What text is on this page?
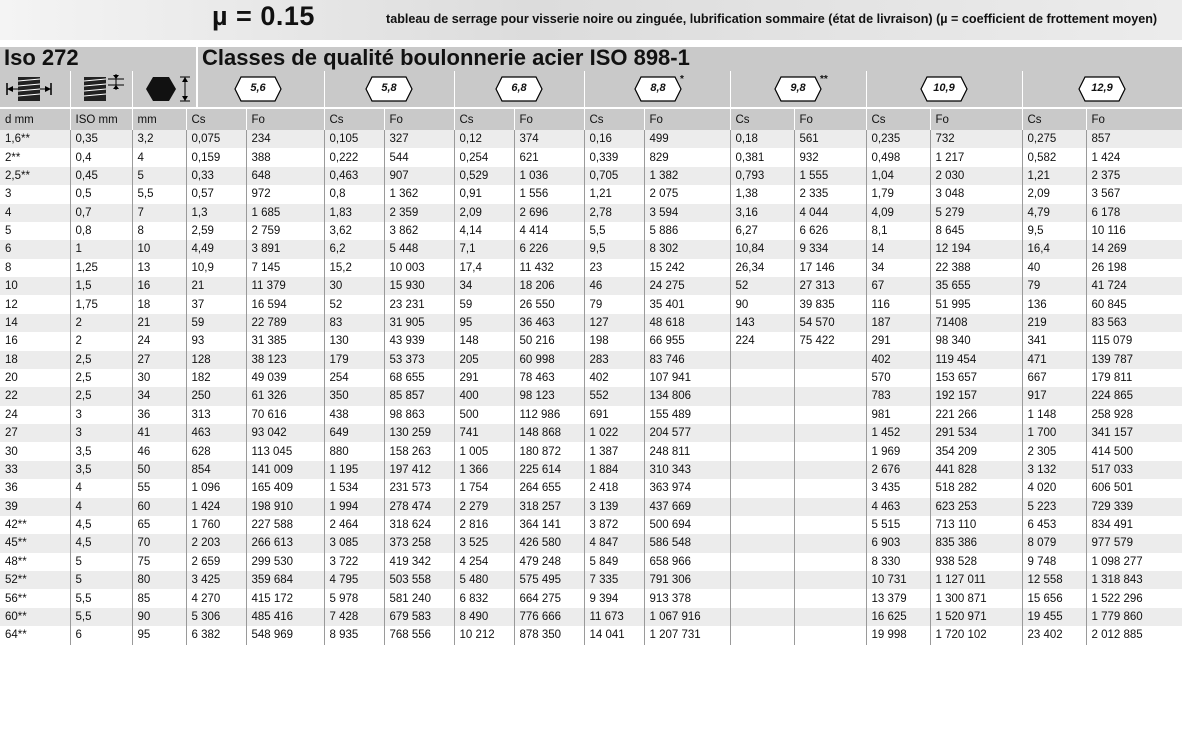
µ = 0.15	tableau de serrage pour visserie noire ou zinguée, lubrification sommaire (état de livraison) (µ = coefficient de frottement moyen)
Iso 272	Classes de qualité boulonnerie acier ISO 898-1
5,6	5,8	6,8	8,8
*
9,8
**
10,9	12,9
d mm	ISO mm	mm	Cs	Fo	Cs	Fo	Cs	Fo	Cs	Fo	Cs	Fo	Cs	Fo	Cs	Fo
1,6**	0,35	3,2	0,075	234	0,105	327	0,12	374	0,16	499	0,18	561	0,235	732	0,275	857
2**	0,4	4	0,159	388	0,222	544	0,254	621	0,339	829	0,381	932	0,498	1 217	0,582	1 424
2,5**	0,45	5	0,33	648	0,463	907	0,529	1 036	0,705	1 382	0,793	1 555	1,04	2 030	1,21	2 375
3	0,5	5,5	0,57	972	0,8	1 362	0,91	1 556	1,21	2 075	1,38	2 335	1,79	3 048	2,09	3 567
4	0,7	7	1,3	1 685	1,83	2 359	2,09	2 696	2,78	3 594	3,16	4 044	4,09	5 279	4,79	6 178
5	0,8	8	2,59	2 759	3,62	3 862	4,14	4 414	5,5	5 886	6,27	6 626	8,1	8 645	9,5	10 116
6	1	10	4,49	3 891	6,2	5 448	7,1	6 226	9,5	8 302	10,84	9 334	14	12 194	16,4	14 269
8	1,25	13	10,9	7 145	15,2	10 003	17,4	11 432	23	15 242	26,34	17 146	34	22 388	40	26 198
10	1,5	16	21	11 379	30	15 930	34	18 206	46	24 275	52	27 313	67	35 655	79	41 724
12	1,75	18	37	16 594	52	23 231	59	26 550	79	35 401	90	39 835	116	51 995	136	60 845
14	2	21	59	22 789	83	31 905	95	36 463	127	48 618	143	54 570	187	71408	219	83 563
16	2	24	93	31 385	130	43 939	148	50 216	198	66 955	224	75 422	291	98 340	341	115 079
18	2,5	27	128	38 123	179	53 373	205	60 998	283	83 746			402	119 454	471	139 787
20	2,5	30	182	49 039	254	68 655	291	78 463	402	107 941			570	153 657	667	179 811
22	2,5	34	250	61 326	350	85 857	400	98 123	552	134 806			783	192 157	917	224 865
24	3	36	313	70 616	438	98 863	500	112 986	691	155 489			981	221 266	1 148	258 928
27	3	41	463	93 042	649	130 259	741	148 868	1 022	204 577			1 452	291 534	1 700	341 157
30	3,5	46	628	113 045	880	158 263	1 005	180 872	1 387	248 811			1 969	354 209	2 305	414 500
33	3,5	50	854	141 009	1 195	197 412	1 366	225 614	1 884	310 343			2 676	441 828	3 132	517 033
36	4	55	1 096	165 409	1 534	231 573	1 754	264 655	2 418	363 974			3 435	518 282	4 020	606 501
39	4	60	1 424	198 910	1 994	278 474	2 279	318 257	3 139	437 669			4 463	623 253	5 223	729 339
42**	4,5	65	1 760	227 588	2 464	318 624	2 816	364 141	3 872	500 694			5 515	713 110	6 453	834 491
45**	4,5	70	2 203	266 613	3 085	373 258	3 525	426 580	4 847	586 548			6 903	835 386	8 079	977 579
48**	5	75	2 659	299 530	3 722	419 342	4 254	479 248	5 849	658 966			8 330	938 528	9 748	1 098 277
52**	5	80	3 425	359 684	4 795	503 558	5 480	575 495	7 335	791 306			10 731	1 127 011	12 558	1 318 843
56**	5,5	85	4 270	415 172	5 978	581 240	6 832	664 275	9 394	913 378			13 379	1 300 871	15 656	1 522 296
60**	5,5	90	5 306	485 416	7 428	679 583	8 490	776 666	11 673	1 067 916			16 625	1 520 971	19 455	1 779 860
64**	6	95	6 382	548 969	8 935	768 556	10 212	878 350	14 041	1 207 731			19 998	1 720 102	23 402	2 012 885
